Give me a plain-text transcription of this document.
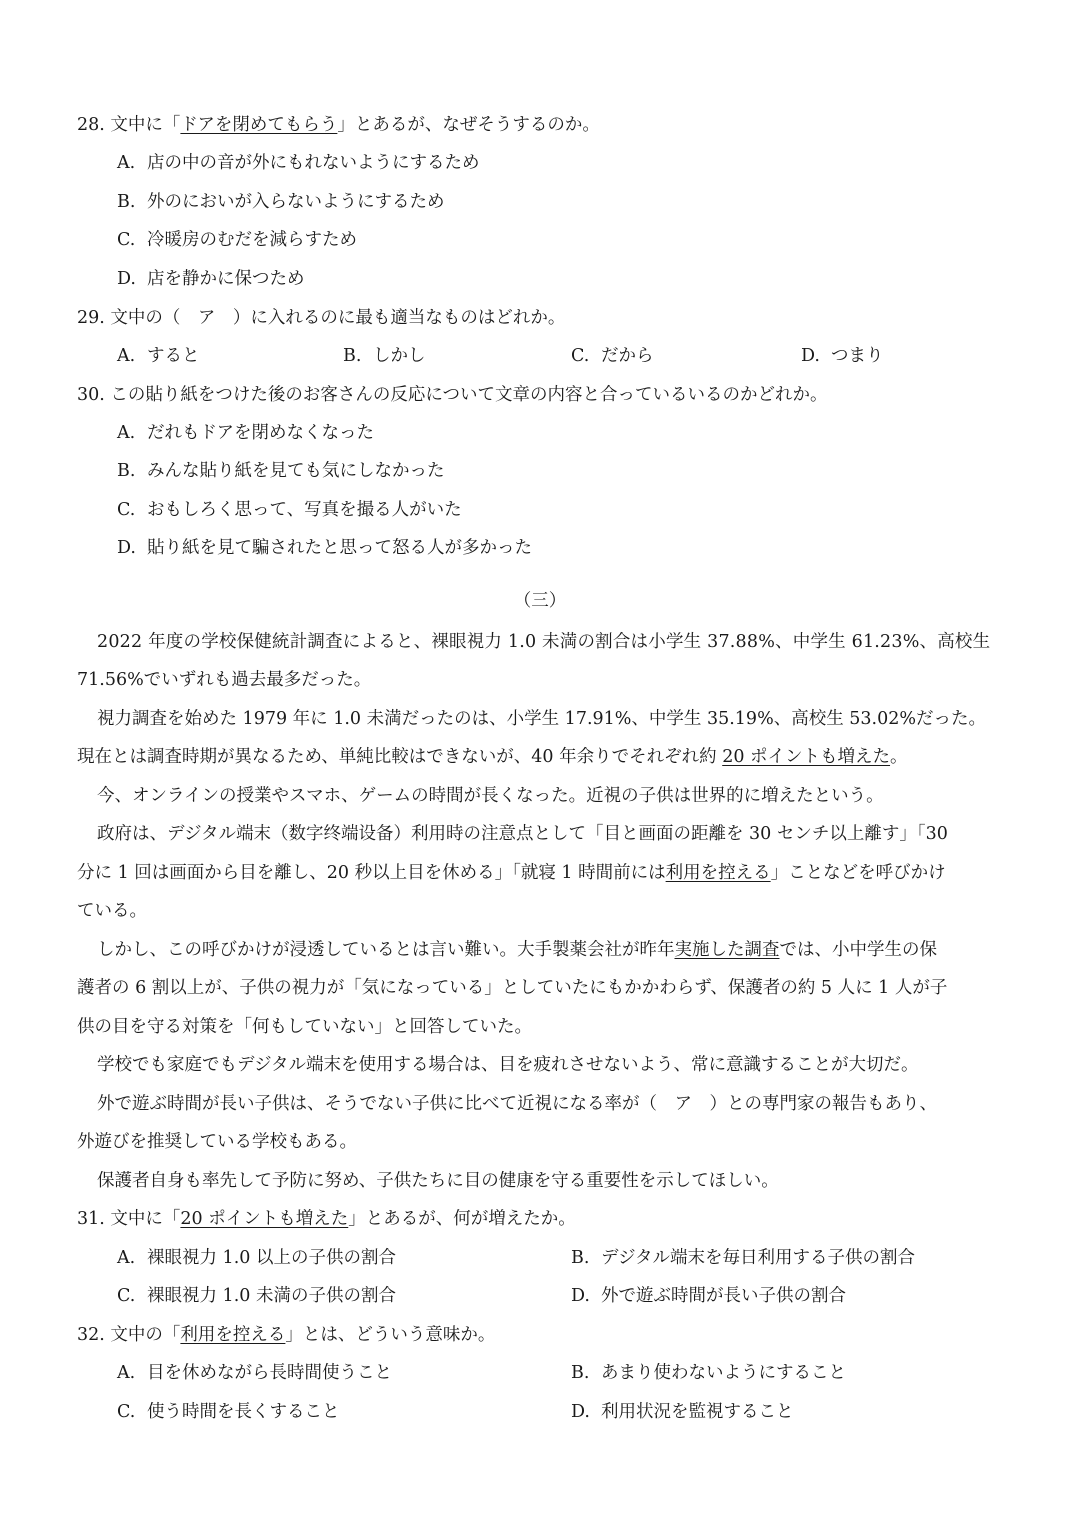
28. 文中に「ドアを閉めてもらう」とあるが、なぜそうするのか。
A. 店の中の音が外にもれないようにするため
B. 外のにおいが入らないようにするため
C. 冷暖房のむだを減らすため
D. 店を静かに保つため
29. 文中の（　ア　）に入れるのに最も適当なものはどれか。
A. すると	B. しかし	C. だから	D. つまり
30. この貼り紙をつけた後のお客さんの反応について文章の内容と合っているいるのかどれか。
A. だれもドアを閉めなくなった
B. みんな貼り紙を見ても気にしなかった
C. おもしろく思って、写真を撮る人がいた
D. 貼り紙を見て騙されたと思って怒る人が多かった
（三）
2022 年度の学校保健統計調査によると、裸眼視力 1.0 未満の割合は小学生 37.88%、中学生 61.23%、高校生
71.56%でいずれも過去最多だった。
視力調査を始めた 1979 年に 1.0 未満だったのは、小学生 17.91%、中学生 35.19%、高校生 53.02%だった。
現在とは調査時期が異なるため、単純比較はできないが、40 年余りでそれぞれ約 20 ポイントも増えた。
今、オンラインの授業やスマホ、ゲームの時間が長くなった。近視の子供は世界的に増えたという。
政府は、デジタル端末（数字终端设备）利用時の注意点として「目と画面の距離を 30 センチ以上離す」「30
分に 1 回は画面から目を離し、20 秒以上目を休める」「就寝 1 時間前には利用を控える」ことなどを呼びかけ
ている。
しかし、この呼びかけが浸透しているとは言い難い。大手製薬会社が昨年実施した調査では、小中学生の保
護者の 6 割以上が、子供の視力が「気になっている」としていたにもかかわらず、保護者の約 5 人に 1 人が子
供の目を守る対策を「何もしていない」と回答していた。
学校でも家庭でもデジタル端末を使用する場合は、目を疲れさせないよう、常に意識することが大切だ。
外で遊ぶ時間が長い子供は、そうでない子供に比べて近視になる率が（　ア　）との専門家の報告もあり、
外遊びを推奨している学校もある。
保護者自身も率先して予防に努め、子供たちに目の健康を守る重要性を示してほしい。
31. 文中に「20 ポイントも増えた」とあるが、何が増えたか。
A. 裸眼視力 1.0 以上の子供の割合	B. デジタル端末を毎日利用する子供の割合
C. 裸眼視力 1.0 未満の子供の割合	D. 外で遊ぶ時間が長い子供の割合
32. 文中の「利用を控える」とは、どういう意味か。
A. 目を休めながら長時間使うこと	B. あまり使わないようにすること
C. 使う時間を長くすること	D. 利用状況を監視すること
